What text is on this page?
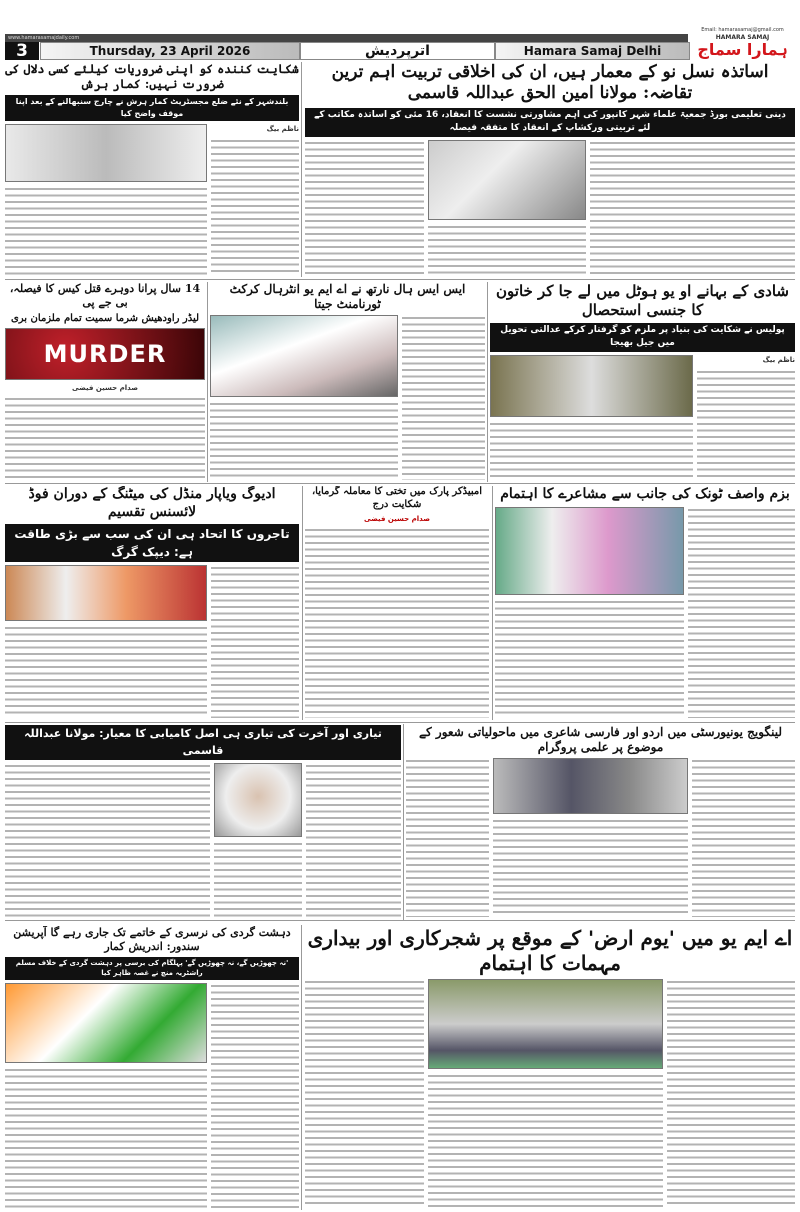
www.hamarasamajdaily.com
3	Thursday, 23 April 2026	اترپردیش	Hamara Samaj Delhi
Email: hamarasamaj@gmail.com
HAMARA SAMAJ
ہمارا سماج
اساتذہ نسل نو کے معمار ہیں، ان کی اخلاقی تربیت اہم ترین تقاضہ: مولانا امین الحق عبداللہ قاسمی
دینی تعلیمی بورڈ جمعیۃ علماء شہر کانپور کی اہم مشاورتی نشست کا انعقاد، 16 مئی کو اساتذہ مکاتب کے لئے تربیتی ورکشاپ کے انعقاد کا متفقہ فیصلہ
شکایت کنندہ کو اپنی ضروریات کیلئے کسی دلال کی ضرورت نہیں: کمار ہرش
بلندشہر کے نئے ضلع مجسٹریٹ کمار ہرش نے چارج سنبھالنے کے بعد اپنا موقف واضح کیا
ناظم بیگ
شادی کے بہانے او یو ہوٹل میں لے جا کر خاتون کا جنسی استحصال
پولیس نے شکایت کی بنیاد پر ملزم کو گرفتار کرکے عدالتی تحویل میں جیل بھیجا
ناظم بیگ
ایس ایس ہال نارتھ نے اے ایم یو انٹرہال کرکٹ ٹورنامنٹ جیتا
14 سال پرانا دوہرے قتل کیس کا فیصلہ، بی جے پی
لیڈر راودھیش شرما سمیت تمام ملزمان بری
MURDER
صدام حسین فیضی
بزم واصف ٹونک کی جانب سے مشاعرے کا اہتمام
امبیڈکر پارک میں تختی کا معاملہ گرمایا، شکایت درج
صدام حسین فیضی
ادیوگ ویاپار منڈل کی میٹنگ کے دوران فوڈ لائسنس تقسیم
تاجروں کا اتحاد ہی ان کی سب سے بڑی طاقت ہے: دیپک گرگ
تیاری اور آخرت کی تیاری ہی اصل کامیابی کا معیار: مولانا عبداللہ قاسمی
لینگویج یونیورسٹی میں اردو اور فارسی شاعری میں ماحولیاتی شعور کے موضوع پر علمی پروگرام
اے ایم یو میں 'یوم ارض' کے موقع پر شجرکاری اور بیداری مہمات کا اہتمام
دہشت گردی کی نرسری کے خاتمے تک جاری رہے گا آپریشن سندور: اندریش کمار
'نہ چھوڑیں گے، نہ چھوڑیں گے' پہلگام کی برسی پر دہشت گردی کے خلاف مسلم راشٹریہ منچ نے غصہ ظاہر کیا
